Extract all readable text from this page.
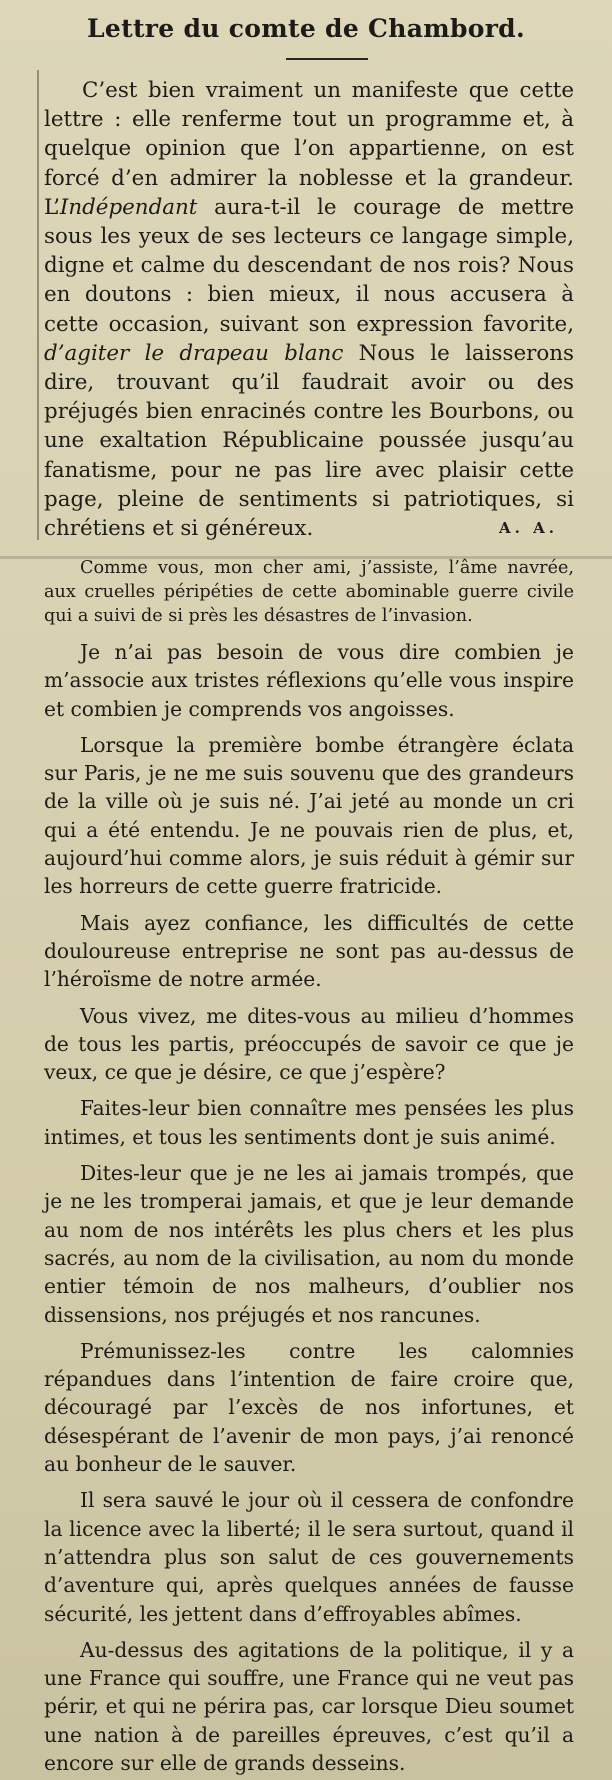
Lettre du comte de Chambord.

C’est bien vraiment un manifeste que cette lettre : elle renferme tout un programme et, à quelque opinion que l’on appartienne, on est forcé d’en admirer la noblesse et la grandeur. L’Indépendant aura-t-il le courage de mettre sous les yeux de ses lecteurs ce langage simple, digne et calme du descendant de nos rois? Nous en doutons : bien mieux, il nous accusera à cette occasion, suivant son expression favorite, d’agiter le drapeau blanc Nous le laisserons dire, trouvant qu’il faudrait avoir ou des préjugés bien enracinés contre les Bourbons, ou une exaltation Républicaine poussée jusqu’au fanatisme, pour ne pas lire avec plaisir cette page, pleine de sentiments si patriotiques, si chrétiens et si généreux.	A. A.

Comme vous, mon cher ami, j’assiste, l’âme navrée, aux cruelles péripéties de cette abominable guerre civile qui a suivi de si près les désastres de l’invasion.

Je n’ai pas besoin de vous dire combien je m’associe aux tristes réflexions qu’elle vous inspire et combien je comprends vos angoisses.

Lorsque la première bombe étrangère éclata sur Paris, je ne me suis souvenu que des grandeurs de la ville où je suis né. J’ai jeté au monde un cri qui a été entendu. Je ne pouvais rien de plus, et, aujourd’hui comme alors, je suis réduit à gémir sur les horreurs de cette guerre fratricide.

Mais ayez confiance, les difficultés de cette douloureuse entreprise ne sont pas au-dessus de l’héroïsme de notre armée.

Vous vivez, me dites-vous au milieu d’hommes de tous les partis, préoccupés de savoir ce que je veux, ce que je désire, ce que j’espère?

Faites-leur bien connaître mes pensées les plus intimes, et tous les sentiments dont je suis animé.

Dites-leur que je ne les ai jamais trompés, que je ne les tromperai jamais, et que je leur demande au nom de nos intérêts les plus chers et les plus sacrés, au nom de la civilisation, au nom du monde entier témoin de nos malheurs, d’oublier nos dissensions, nos préjugés et nos rancunes.

Prémunissez-les contre les calomnies répandues dans l’intention de faire croire que, découragé par l’excès de nos infortunes, et désespérant de l’avenir de mon pays, j’ai renoncé au bonheur de le sauver.

Il sera sauvé le jour où il cessera de confondre la licence avec la liberté; il le sera surtout, quand il n’attendra plus son salut de ces gouvernements d’aventure qui, après quelques années de fausse sécurité, les jettent dans d’effroyables abîmes.

Au-dessus des agitations de la politique, il y a une France qui souffre, une France qui ne veut pas périr, et qui ne périra pas, car lorsque Dieu soumet une nation à de pareilles épreuves, c’est qu’il a encore sur elle de grands desseins.
